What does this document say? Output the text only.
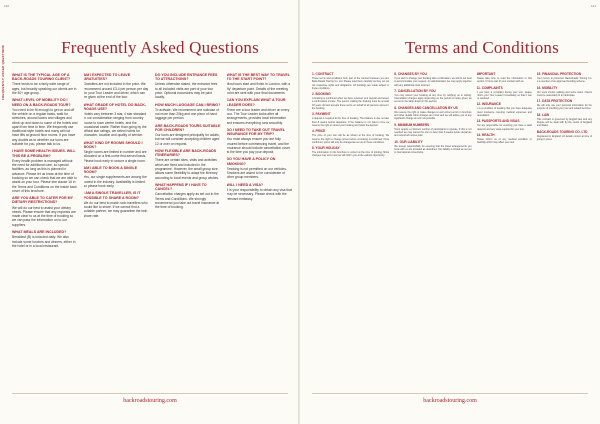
120
FREQUENTLY ASKED QUESTIONS	Frequently Asked Questions
WHAT IS THE TYPICAL AGE OF A BACK-ROADS TOURING CLIENT?
There tends to be a fairly wide range of ages, but broadly speaking our clients are in the 50+ age group.
WHAT LEVEL OF MOBILITY DO I NEED ON A BACK-ROADS TOUR?
You need to be fit enough to get on and off the vehicle on a regular basis, walk for stretches, around towns and villages and climb up and down to some of the hotels and apart from time to time. We frequently use traditional style hotels and many will not have lifts at ground floor rooms. If you have any doubts as to whether our tours are suitable for you, please talk to us.
I HAVE SOME HEALTH ISSUES. WILL THIS BE A PROBLEM?
Every health problem is managed without the need for additional care, so special facilities, as long as this is planned in advance. Please let us know at the time of booking so we can check that we are able to assist on your tour. Please see clause 16 in the Terms and Conditions on the inside back cover of this brochure.
ARE YOU ABLE TO CATER FOR MY DIETARY RESTRICTIONS?
We will do our best to assist your dietary needs. Please ensure that any requests are made clear to us at the time of booking so we can pass the information on to our suppliers.
WHAT MEALS ARE INCLUDED?
Breakfast (B) is included daily. We also include some lunches and dinners, either in the hotel or in a local restaurant.
AM I EXPECTED TO LEAVE GRATUITIES?
Gratuities are not included in the price. We recommend around £3-4 per person per day for your Tour Leader and driver, which can be given at the end of the tour.
WHAT GRADE OF HOTEL DO BACK-ROADS USE?
Hotels vary between 3 star, 4 star standard in our consideration ranging from country house to town centre hotels, and the occasional castle. Rather than going by the official star ratings, we select hotels for character, location and quality of service.
WHAT KIND OF ROOMS SHOULD I BOOK?
Single rooms are limited in number and are allocated on a first-come first-served basis. Please book early to secure a single room.
AM I ABLE TO BOOK A SINGLE ROOM?
Yes, our single supplements are among the lowest in the industry. Availability is limited so please book early.
I AM A SINGLE TRAVELLER, IS IT POSSIBLE TO SHARE A ROOM?
We do our best to match solo travellers who would like to share. If we cannot find a suitable partner, we may guarantee the twin share rate.
DO YOU INCLUDE ENTRANCE FEES TO ATTRACTIONS?
Unless otherwise stated, the entrance fees to all included visits are part of your tour price. Optional excursions may be paid locally.
HOW MUCH LUGGAGE CAN I BRING?
To activate, We recommend one suitcase of not more than 20kg and one piece of hand luggage per person.
ARE BACK-ROADS TOURS SUITABLE FOR CHILDREN?
Our tours are designed principally for adults, but we will consider accepting children aged 12 or over on request.
HOW FLEXIBLE ARE BACK-ROADS ITINERARIES?
There are certain sites, visits and activities which are fixed and included in the programme. However, the small group size allows some flexibility to adapt the itinerary according to local events and group wishes.
WHAT HAPPENS IF I HAVE TO CANCEL?
Cancellation charges apply as set out in the Terms and Conditions. We strongly recommend you take out travel insurance at the time of booking.
WHAT IS THE BEST WAY TO TRAVEL TO THE START POINT?
Most tours start and finish in London, with a 'fly' departure point. Details of the meeting point are sent with your final documents.
CAN YOU EXPLAIN WHAT A TOUR LEADER DOES?
There are a tour leader and driver on every tour. The Tour Leader looks after all arrangements, provides local information and ensures everything runs smoothly.
DO I NEED TO TAKE OUT TRAVEL INSURANCE FOR MY TRIP?
You must always ensure you are fully insured before commencing travel, and the insurance should include cancellation cover at the time you pay your deposit.
DO YOU HAVE A POLICY ON SMOKING?
Smoking is not permitted on our vehicles. Smokers are asked to be considerate of other group members.
WILL I NEED A VISA?
It is your responsibility to obtain any visa that may be necessary. Please check with the relevant embassy.
backroadstouring.com
121
Terms and Conditions
1. CONTRACT
These terms and conditions form part of the contract between you and Back-Roads Touring Co. Ltd. Please read them carefully as they set out our respective rights and obligations. All bookings are made subject to these conditions.
2. BOOKING
A booking is confirmed when we have received your deposit and issued a confirmation invoice. The person making the booking must be at least 18 years old and accepts these terms on behalf of all persons named in the booking.
3. PAYMENT
A deposit is required at the time of booking. The balance is due no later than 8 weeks before departure. If the balance is not paid in time we reserve the right to cancel your booking and retain the deposit.
4. PRICE
The price of your tour will be as shown at the time of booking. We reserve the right to change prices before a booking is confirmed. Once confirmed, prices will only be changed as set out in these conditions.
5. YOUR HOLIDAY
The information in this brochure is correct at the time of printing. Minor changes may occur and we will inform you at the earliest opportunity.
6. CHANGES BY YOU
If you wish to change your booking after confirmation, we will do our best to accommodate your request. An administration fee may apply together with any additional costs incurred.
7. CANCELLATION BY YOU
You may cancel your booking at any time by notifying us in writing. Cancellation charges apply depending on the period of notice given, as set out in the table shown in this section.
8. CHANGES AND CANCELLATION BY US
We reserve the right to make changes to and correct errors in brochure and other details. Most changes are minor and we will advise you of any significant change as soon as possible.
9. MINIMUM NUMBERS
Tours require a minimum number of participants to operate. If this is not reached we may cancel the tour no later than 8 weeks before departure and refund all monies paid.
10. OUR LIABILITY
We accept responsibility for ensuring that the travel arrangements you book with us are provided as described. Our liability is limited as set out in international conventions.
IMPORTANT
Please take time to read the information in this section. It forms part of your contract with us.
11. COMPLAINTS
If you have a complaint during your tour, please inform your Tour Leader immediately so that it can be resolved.
12. INSURANCE
It is a condition of booking that you have adequate travel insurance covering medical expenses and cancellation.
13. PASSPORTS AND VISAS
You are responsible for ensuring you have a valid passport and any visas required for your tour.
14. HEALTH
Please inform us of any medical condition or disability which may affect your tour.
15. FINANCIAL PROTECTION
Your money is protected. Back-Roads Touring Co. is a member of an approved bonding scheme.
16. MOBILITY
Our tours involve walking and some stairs. Clients must be reasonably fit to participate.
17. DATA PROTECTION
We will only use your personal information for the purpose of providing your tour and related services.
18. LAW
This contract is governed by English law and any dispute will be dealt with by the courts of England and Wales.
BACK-ROADS TOURING CO. LTD
Registered in England. All details correct at time of going to press.
backroadstouring.com
